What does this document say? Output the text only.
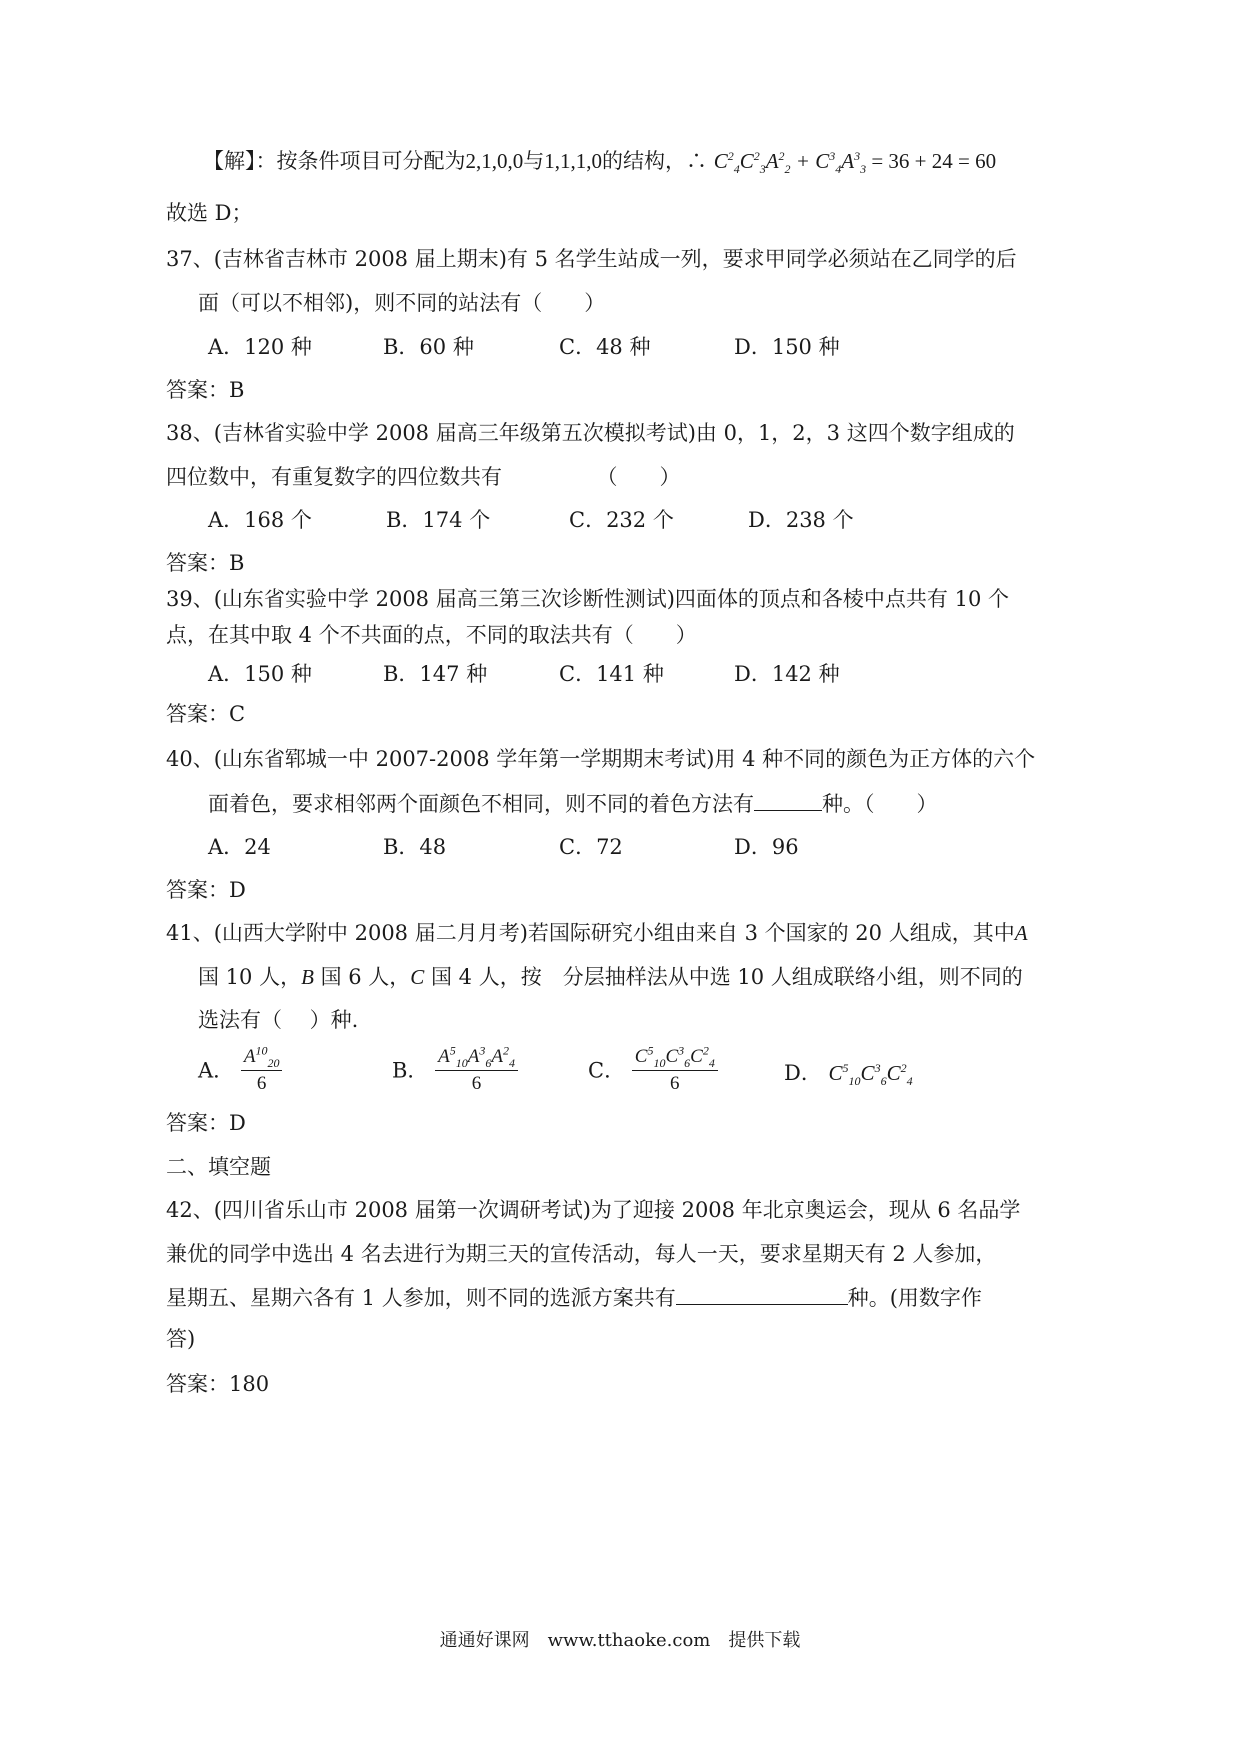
【解】：按条件项目可分配为2,1,0,0与1,1,1,0的结构，∴ $C^2_4C^2_3A^2_2 + C^3_4A^3_3 = 36 + 24 = 60$
故选 D；
37、(吉林省吉林市 2008 届上期末)有 5 名学生站成一列，要求甲同学必须站在乙同学的后
面（可以不相邻)，则不同的站法有（　　）
A．120 种	B．60 种	C．48 种	D．150 种
答案：B
38、(吉林省实验中学 2008 届高三年级第五次模拟考试)由 0，1，2，3 这四个数字组成的
四位数中，有重复数字的四位数共有　　　　　（　　）
A．168 个	B．174 个	C．232 个	D．238 个
答案：B
39、(山东省实验中学 2008 届高三第三次诊断性测试)四面体的顶点和各棱中点共有 10 个
点，在其中取 4 个不共面的点，不同的取法共有（　　）
A．150 种	B．147 种	C．141 种	D．142 种
答案：C
40、(山东省郓城一中 2007-2008 学年第一学期期末考试)用 4 种不同的颜色为正方体的六个
面着色，要求相邻两个面颜色不相同，则不同的着色方法有	种。（　　）
A．24	B．48	C．72	D．96
答案：D
41、(山西大学附中 2008 届二月月考)若国际研究小组由来自 3 个国家的 20 人组成，其中A
国 10 人，B 国 6 人，C 国 4 人，按　分层抽样法从中选 10 人组成联络小组，则不同的
选法有（　 ）种.
A． $\frac{A^{10}_{20}}{6}$	B． $\frac{A^5_{10}A^3_6A^2_4}{6}$	C． $\frac{C^5_{10}C^3_6C^2_4}{6}$	D． $C^5_{10}C^3_6C^2_4$
答案：D
二、填空题
42、(四川省乐山市 2008 届第一次调研考试)为了迎接 2008 年北京奥运会，现从 6 名品学
兼优的同学中选出 4 名去进行为期三天的宣传活动，每人一天，要求星期天有 2 人参加，
星期五、星期六各有 1 人参加，则不同的选派方案共有	种。(用数字作
答)
答案：180
通通好课网　www.tthaoke.com　提供下载
